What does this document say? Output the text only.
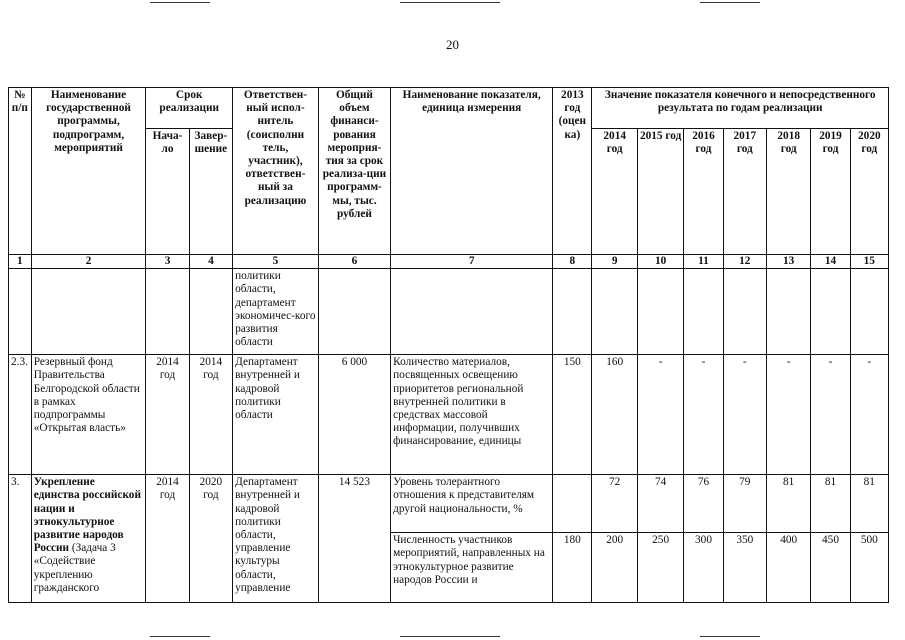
20
№ п/п	Наименование государственной программы, подпрограмм, мероприятий	Срок реализации		Ответствен-ный испол-нитель (соисполни тель, участник), ответствен-ный за реализацию	Общий объем финанси-рования мероприя-тия за срок реализа-ции программ-мы, тыс. рублей	Наименование показателя, единица измерения	2013 год (оцен ка)	Значение показателя конечного и непосредственного результата по годам реализации						
		Нача-ло	Завер-шение					2014 год	2015 год	2016 год	2017 год	2018 год	2019 год	2020 год
1	2	3	4	5	6	7	8	9	10	11	12	13	14	15
				политики области, департамент экономичес-кого развития области										
2.3.	Резервный фонд Правительства Белгородской области в рамках подпрограммы «Открытая власть»	2014 год	2014 год	Департамент внутренней и кадровой политики области	6 000	Количество материалов, посвященных освещению приоритетов региональной внутренней политики в средствах массовой информации, получивших финансирование, единицы	150	160	-	-	-	-	-	-
3.	Укрепление единства российской нации и этнокультурное развитие народов России (Задача 3 «Содействие укреплению гражданского	2014 год	2020 год	Департамент внутренней и кадровой политики области, управление культуры области, управление	14 523	Уровень толерантного отношения к представителям другой национальности, %		72	74	76	79	81	81	81
						Численность участников мероприятий, направленных на этнокультурное развитие народов России и	180	200	250	300	350	400	450	500
